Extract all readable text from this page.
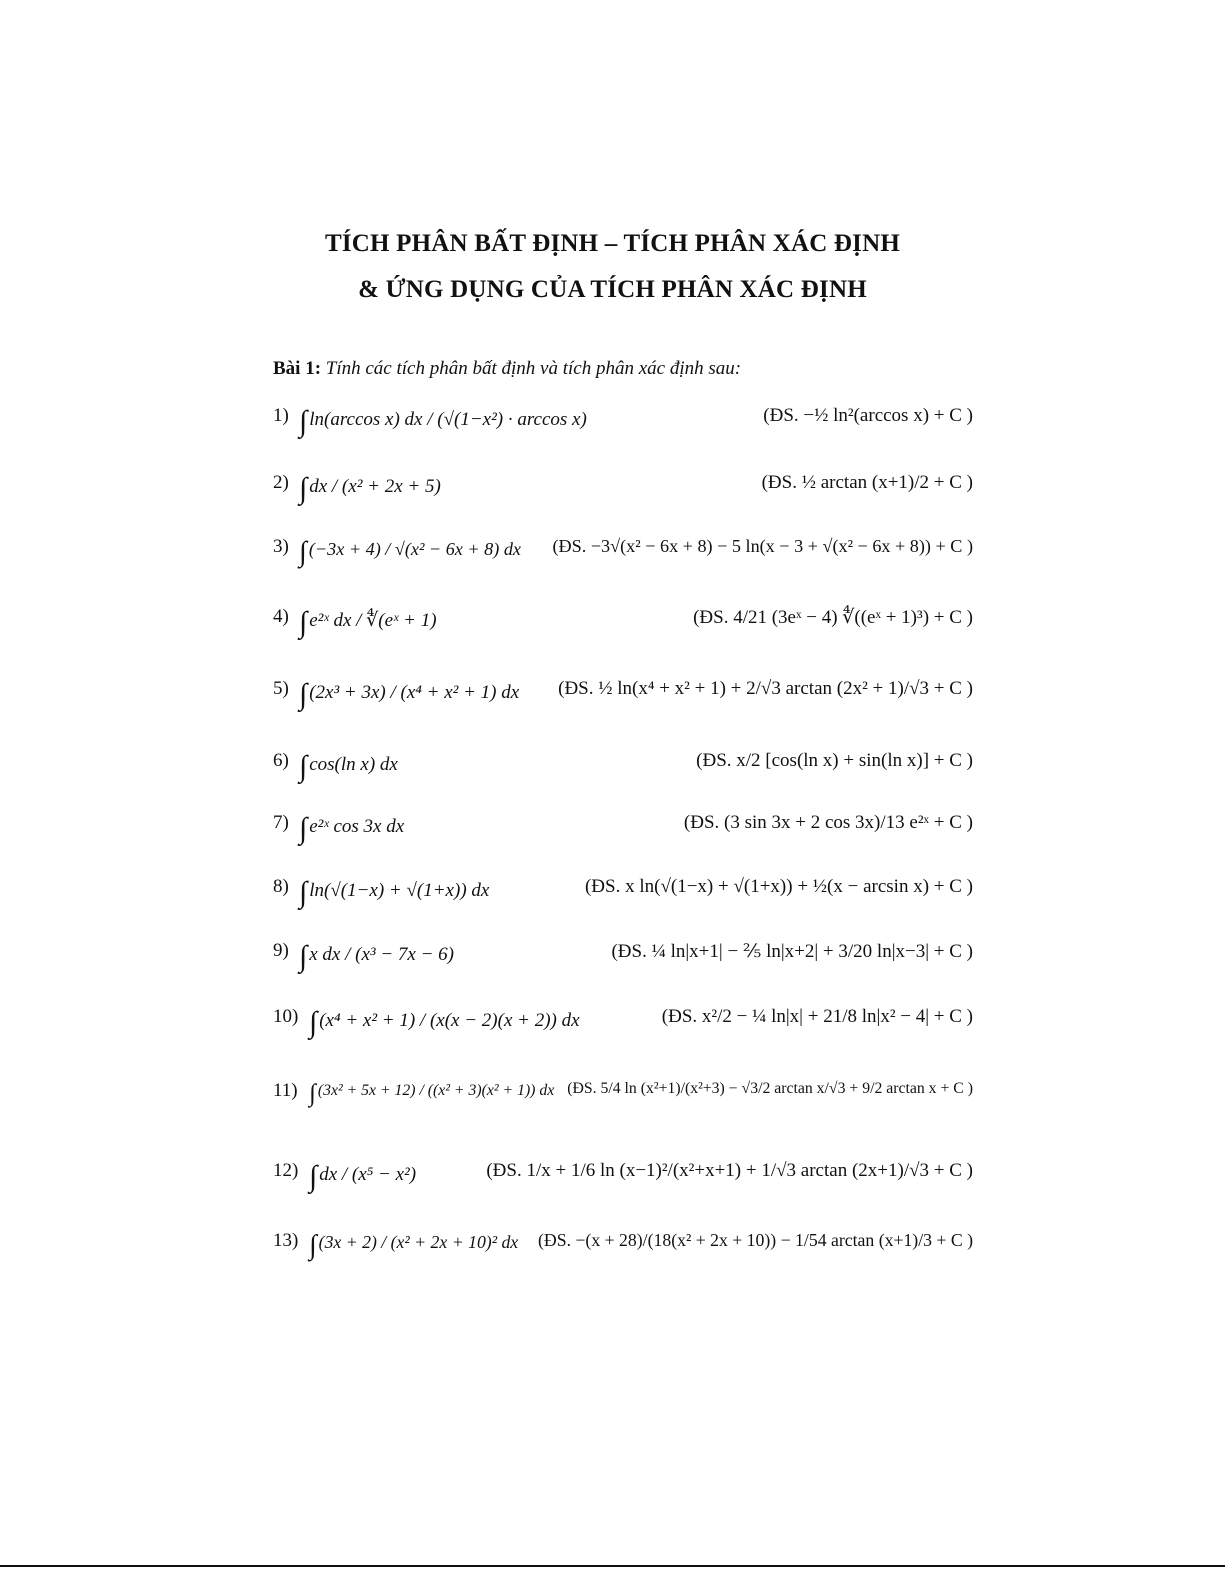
TÍCH PHÂN BẤT ĐỊNH – TÍCH PHÂN XÁC ĐỊNH
& ỨNG DỤNG CỦA TÍCH PHÂN XÁC ĐỊNH
Bài 1: Tính các tích phân bất định và tích phân xác định sau:
1) ∫ ln(arccos x) dx / (√(1−x²) · arccos x)	(ĐS. −½ ln²(arccos x) + C )
2) ∫ dx / (x² + 2x + 5)	(ĐS. ½ arctan (x+1)/2 + C )
3) ∫ (−3x + 4) / √(x² − 6x + 8) dx (ĐS. −3√(x² − 6x + 8) − 5 ln(x − 3 + √(x² − 6x + 8)) + C )
4) ∫ e²ˣ dx / ∜(eˣ + 1)	(ĐS. 4/21 (3eˣ − 4) ∜((eˣ + 1)³) + C )
5) ∫ (2x³ + 3x) / (x⁴ + x² + 1) dx (ĐS. ½ ln(x⁴ + x² + 1) + 2/√3 arctan (2x² + 1)/√3 + C )
6) ∫ cos(ln x) dx	(ĐS. x/2 [cos(ln x) + sin(ln x)] + C )
7) ∫ e²ˣ cos 3x dx	(ĐS. (3 sin 3x + 2 cos 3x)/13 e²ˣ + C )
8) ∫ ln(√(1−x) + √(1+x)) dx	(ĐS. x ln(√(1−x) + √(1+x)) + ½(x − arcsin x) + C )
9) ∫ x dx / (x³ − 7x − 6)	(ĐS. ¼ ln|x+1| − ⅖ ln|x+2| + 3/20 ln|x−3| + C )
10) ∫ (x⁴ + x² + 1) / (x(x − 2)(x + 2)) dx	(ĐS. x²/2 − ¼ ln|x| + 21/8 ln|x² − 4| + C )
11) ∫ (3x² + 5x + 12) / ((x² + 3)(x² + 1)) dx (ĐS. 5/4 ln (x²+1)/(x²+3) − √3/2 arctan x/√3 + 9/2 arctan x + C )
12) ∫ dx / (x⁵ − x²)	(ĐS. 1/x + 1/6 ln (x−1)²/(x²+x+1) + 1/√3 arctan (2x+1)/√3 + C )
13) ∫ (3x + 2) / (x² + 2x + 10)² dx (ĐS. −(x + 28)/(18(x² + 2x + 10)) − 1/54 arctan (x+1)/3 + C )
